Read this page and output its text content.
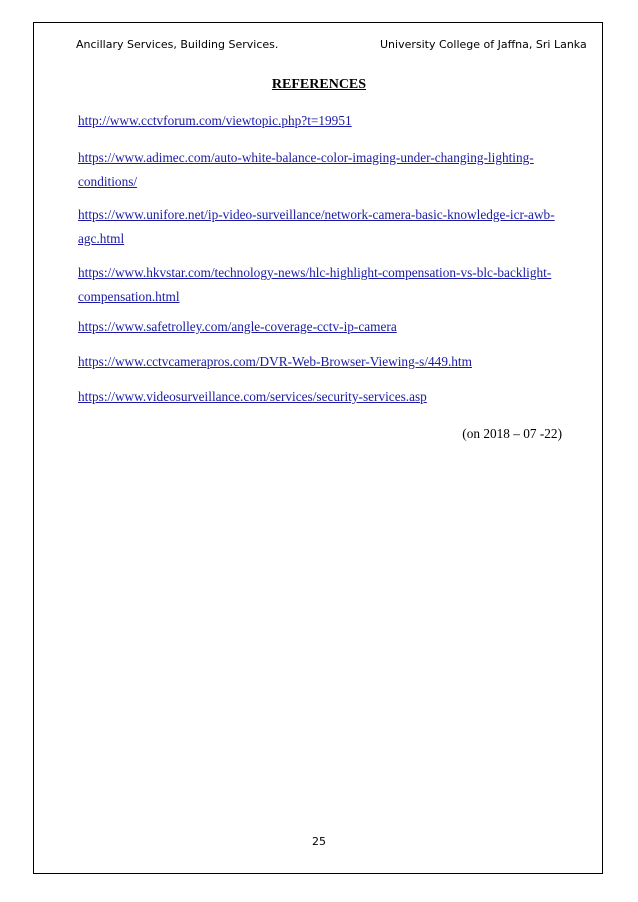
Ancillary Services, Building Services.	University College of Jaffna, Sri Lanka
REFERENCES
http://www.cctvforum.com/viewtopic.php?t=19951
https://www.adimec.com/auto-white-balance-color-imaging-under-changing-lighting-
conditions/
https://www.unifore.net/ip-video-surveillance/network-camera-basic-knowledge-icr-awb-
agc.html
https://www.hkvstar.com/technology-news/hlc-highlight-compensation-vs-blc-backlight-
compensation.html
https://www.safetrolley.com/angle-coverage-cctv-ip-camera
https://www.cctvcamerapros.com/DVR-Web-Browser-Viewing-s/449.htm
https://www.videosurveillance.com/services/security-services.asp
(on 2018 – 07 -22)
25
